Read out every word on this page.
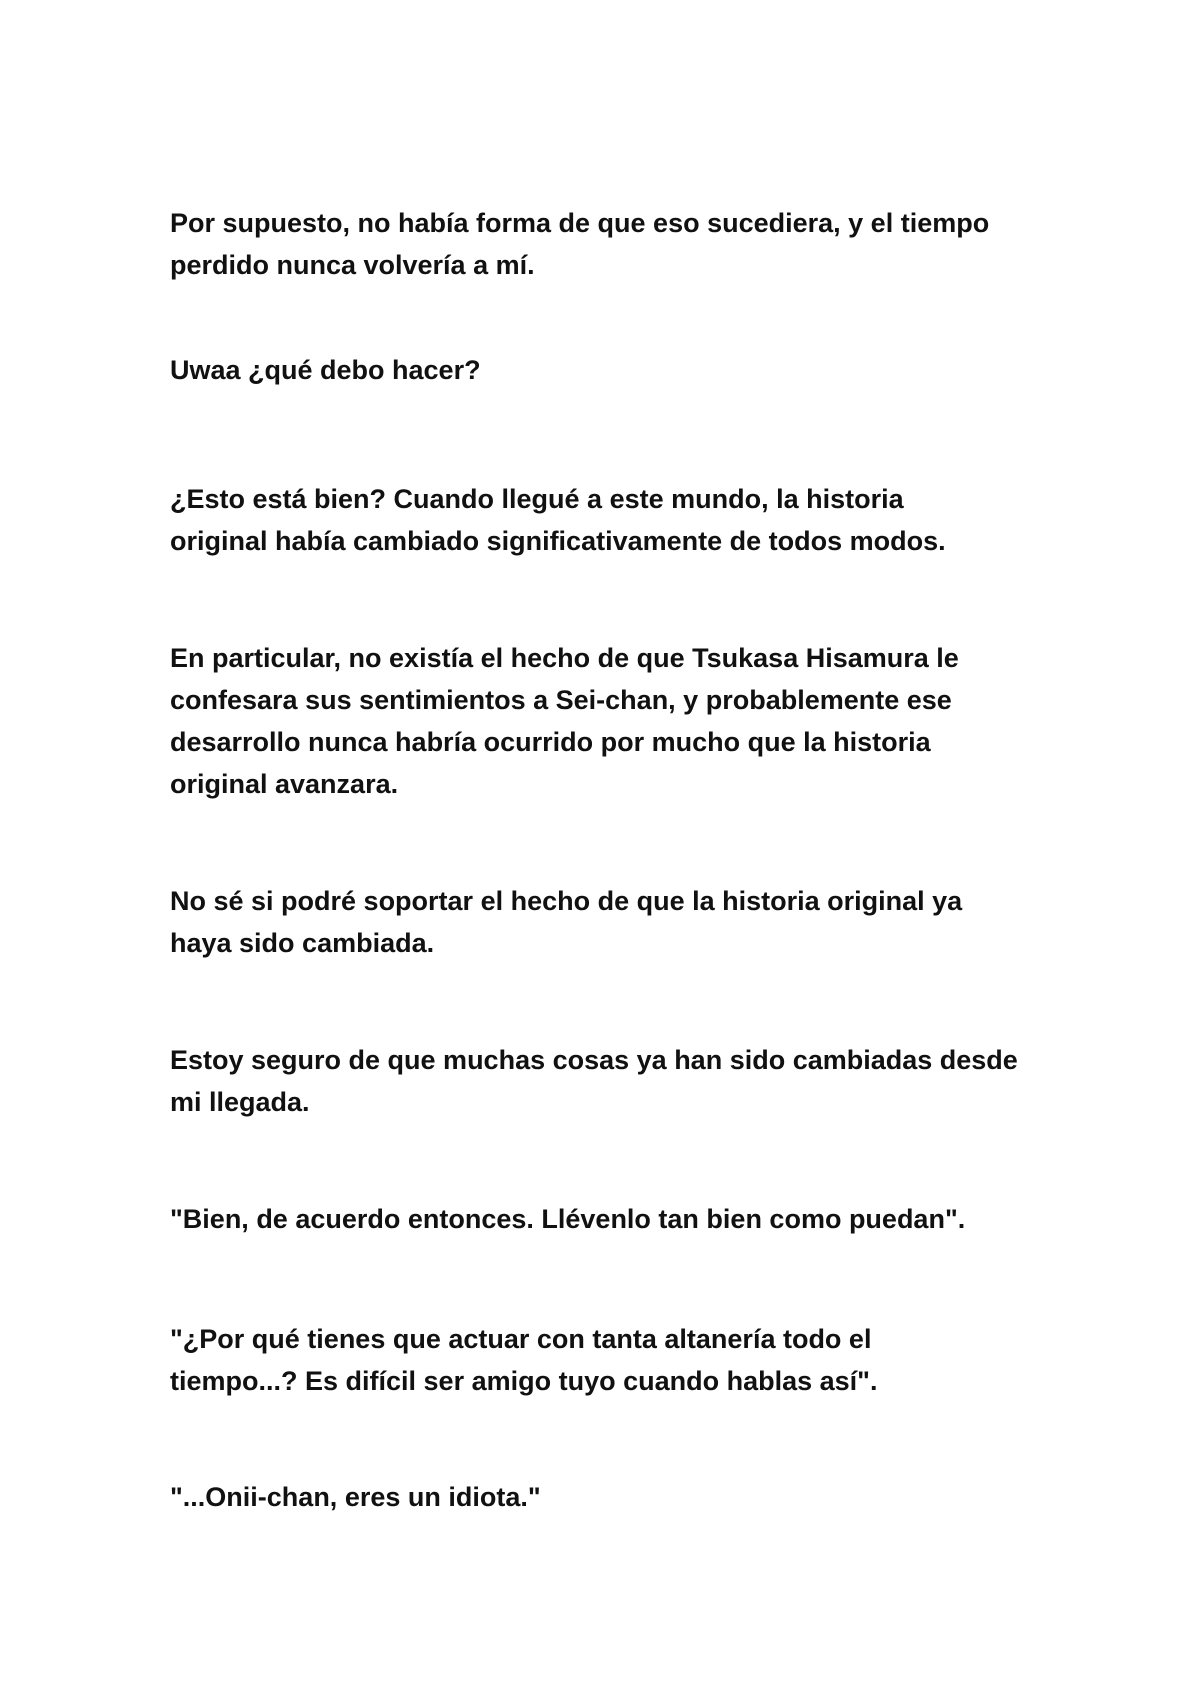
Por supuesto, no había forma de que eso sucediera, y el tiempo
perdido nunca volvería a mí.

Uwaa ¿qué debo hacer?

¿Esto está bien? Cuando llegué a este mundo, la historia
original había cambiado significativamente de todos modos.

En particular, no existía el hecho de que Tsukasa Hisamura le
confesara sus sentimientos a Sei-chan, y probablemente ese
desarrollo nunca habría ocurrido por mucho que la historia
original avanzara.

No sé si podré soportar el hecho de que la historia original ya
haya sido cambiada.

Estoy seguro de que muchas cosas ya han sido cambiadas desde
mi llegada.

"Bien, de acuerdo entonces. Llévenlo tan bien como puedan".

"¿Por qué tienes que actuar con tanta altanería todo el
tiempo...? Es difícil ser amigo tuyo cuando hablas así".

"...Onii-chan, eres un idiota."
